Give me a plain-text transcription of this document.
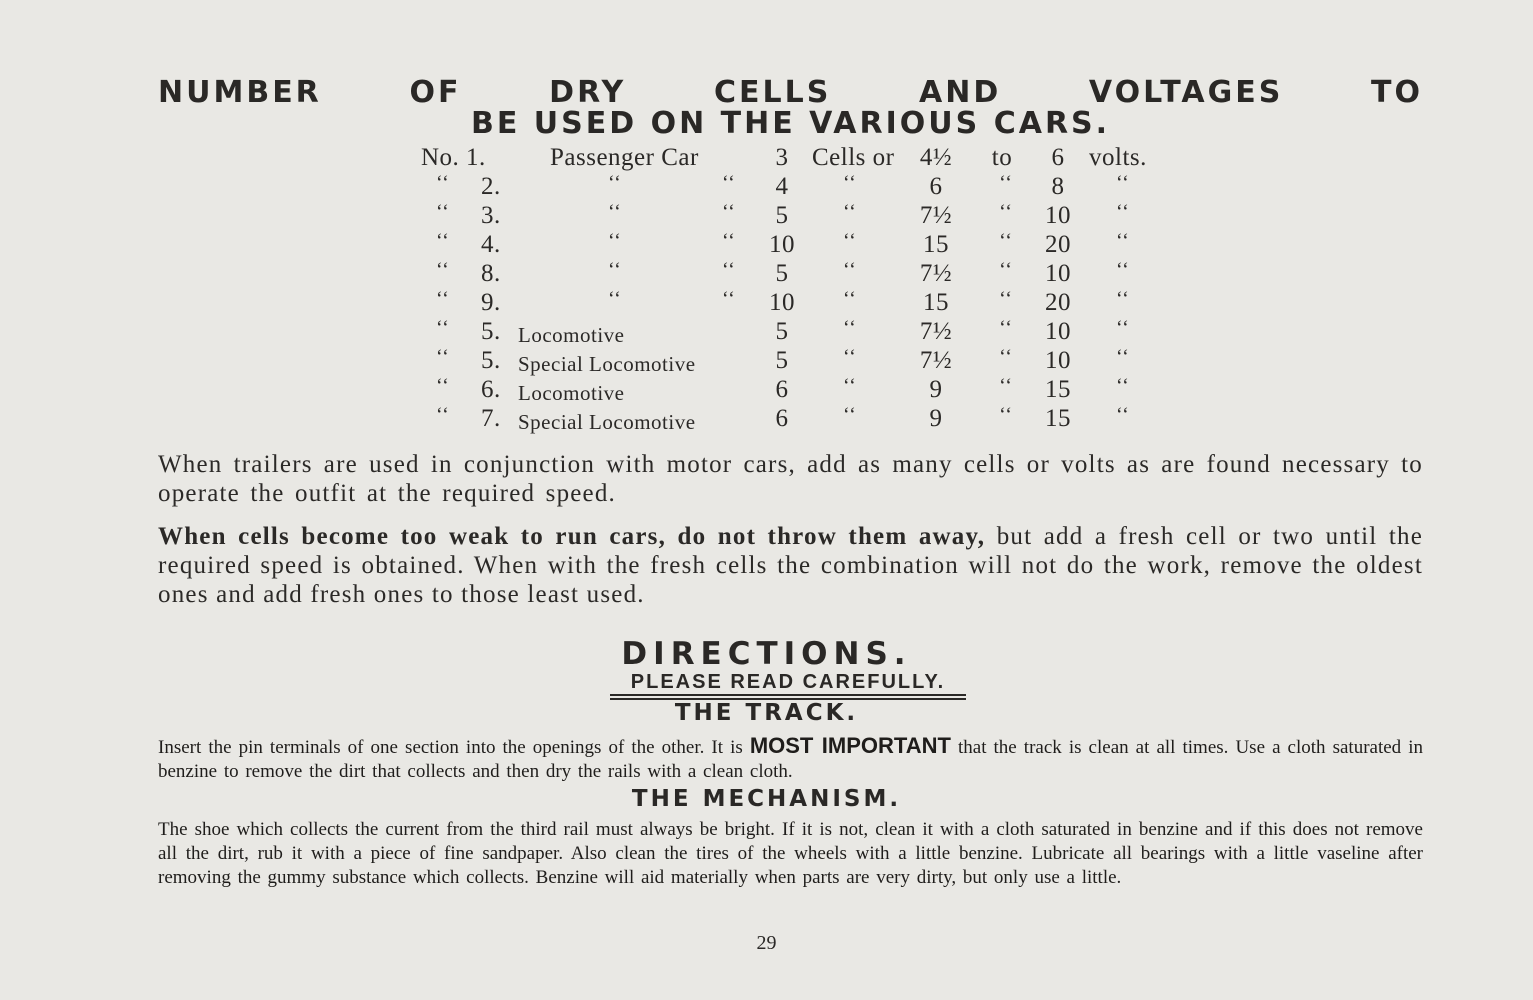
NUMBER OF DRY CELLS AND VOLTAGES TO
BE USED ON THE VARIOUS CARS.
No. 1.	Passenger Car	3 Cells or 4½	to	6 volts.
‘‘ 2.	‘‘	‘‘	4	‘‘	6	‘‘	8	‘‘
‘‘ 3.	‘‘	‘‘	5	‘‘	7½	‘‘	10	‘‘
‘‘ 4.	‘‘	‘‘ 10	‘‘	15	‘‘	20	‘‘
‘‘ 8.	‘‘	‘‘	5	‘‘	7½	‘‘	10	‘‘
‘‘ 9.	‘‘	‘‘ 10	‘‘	15	‘‘	20	‘‘
‘‘ 5. Locomotive	5	‘‘	7½	‘‘	10	‘‘
‘‘ 5. Special Locomotive	5	‘‘	7½	‘‘	10	‘‘
‘‘ 6. Locomotive	6	‘‘	9	‘‘	15	‘‘
‘‘ 7. Special Locomotive	6	‘‘	9	‘‘	15	‘‘

When trailers are used in conjunction with motor cars, add as many cells or volts as are found necessary to operate the outfit at the required speed.

When cells become too weak to run cars, do not throw them away, but add a fresh cell or two until the required speed is obtained. When with the fresh cells the combination will not do the work, remove the oldest ones and add fresh ones to those least used.

DIRECTIONS.
PLEASE READ CAREFULLY.
THE TRACK.

Insert the pin terminals of one section into the openings of the other. It is MOST IMPORTANT that the track is clean at all times. Use a cloth saturated in benzine to remove the dirt that collects and then dry the rails with a clean cloth.

THE MECHANISM.

The shoe which collects the current from the third rail must always be bright. If it is not, clean it with a cloth saturated in benzine and if this does not remove all the dirt, rub it with a piece of fine sandpaper. Also clean the tires of the wheels with a little benzine. Lubricate all bearings with a little vaseline after removing the gummy substance which collects. Benzine will aid materially when parts are very dirty, but only use a little.

29
